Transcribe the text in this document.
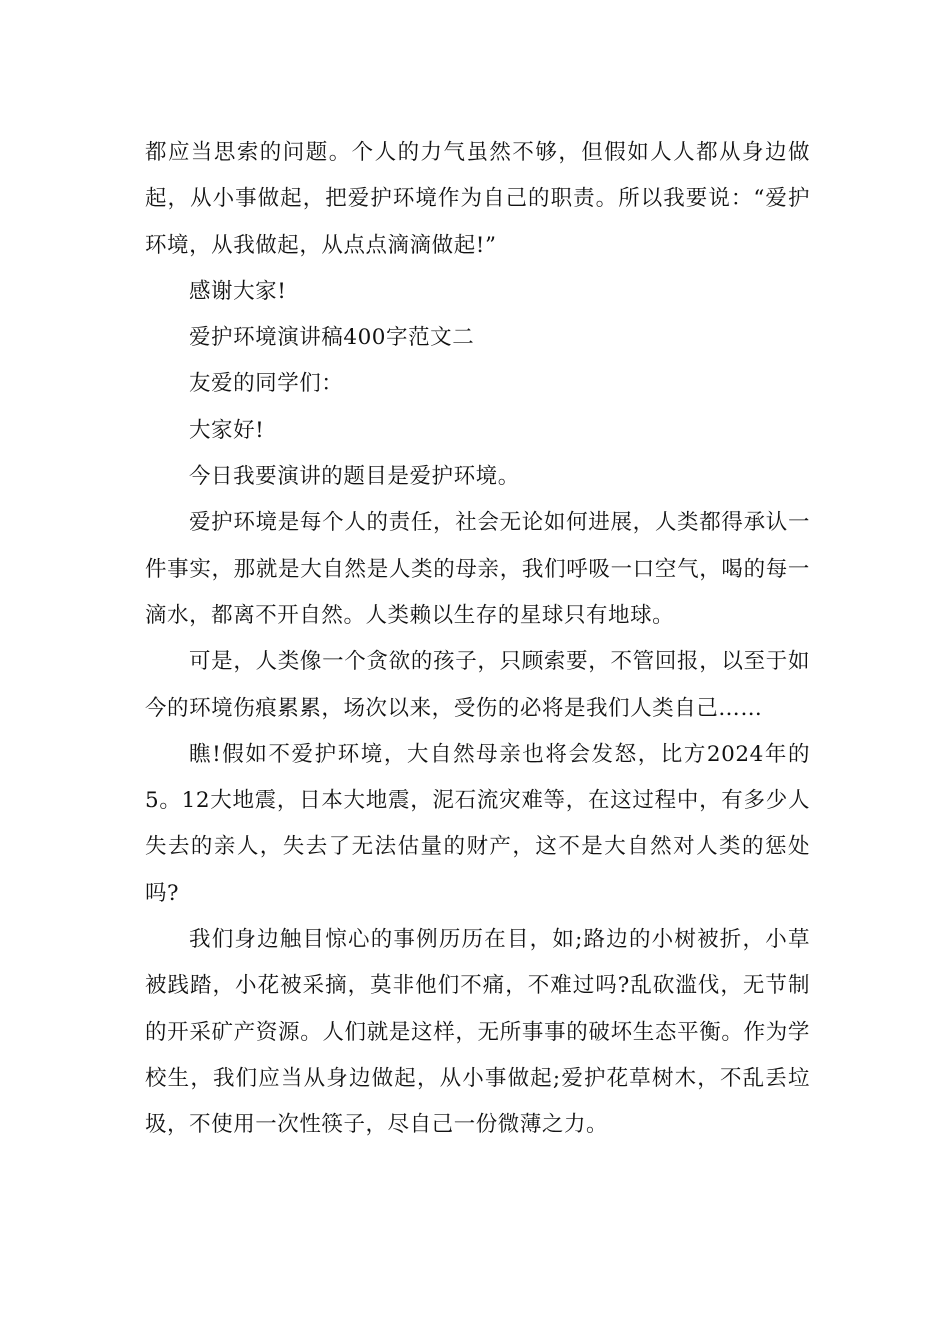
都应当思索的问题。个人的力气虽然不够，但假如人人都从身边做起，从小事做起，把爱护环境作为自己的职责。所以我要说：“爱护环境，从我做起，从点点滴滴做起!”

感谢大家!

爱护环境演讲稿400字范文二

友爱的同学们：

大家好!

今日我要演讲的题目是爱护环境。

爱护环境是每个人的责任，社会无论如何进展，人类都得承认一件事实，那就是大自然是人类的母亲，我们呼吸一口空气，喝的每一滴水，都离不开自然。人类赖以生存的星球只有地球。

可是，人类像一个贪欲的孩子，只顾索要，不管回报，以至于如今的环境伤痕累累，场次以来，受伤的必将是我们人类自己……

瞧!假如不爱护环境，大自然母亲也将会发怒，比方2024年的5。12大地震，日本大地震，泥石流灾难等，在这过程中，有多少人失去的亲人，失去了无法估量的财产，这不是大自然对人类的惩处吗?

我们身边触目惊心的事例历历在目，如;路边的小树被折，小草被践踏，小花被采摘，莫非他们不痛，不难过吗?乱砍滥伐，无节制的开采矿产资源。人们就是这样，无所事事的破坏生态平衡。作为学校生，我们应当从身边做起，从小事做起;爱护花草树木，不乱丢垃圾，不使用一次性筷子，尽自己一份微薄之力。
